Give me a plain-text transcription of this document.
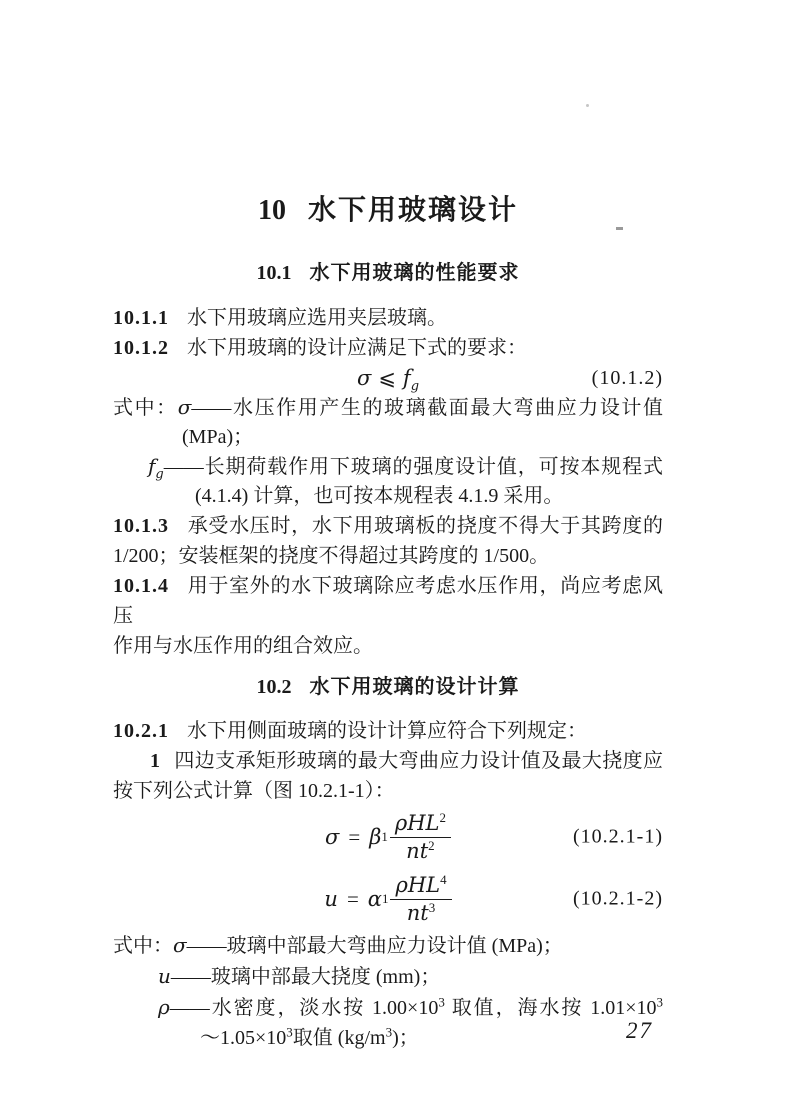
10 水下用玻璃设计
10.1 水下用玻璃的性能要求
10.1.1 水下用玻璃应选用夹层玻璃。
10.1.2 水下用玻璃的设计应满足下式的要求：
σ ⩽ $f_g$	(10.1.2)
式中：σ——水压作用产生的玻璃截面最大弯曲应力设计值
(MPa)；
$f_g——$长期荷载作用下玻璃的强度设计值，可按本规程式
(4.1.4) 计算，也可按本规程表 4.1.9 采用。
10.1.3 承受水压时，水下用玻璃板的挠度不得大于其跨度的
1/200；安装框架的挠度不得超过其跨度的 1/500。
10.1.4 用于室外的水下玻璃除应考虑水压作用，尚应考虑风压
作用与水压作用的组合效应。
10.2 水下用玻璃的设计计算
10.2.1 水下用侧面玻璃的设计计算应符合下列规定：
1 四边支承矩形玻璃的最大弯曲应力设计值及最大挠度应
按下列公式计算（图 10.2.1-1）：
σ = β $1 \frac{\rho HL^2}{nt^2}$	(10.2.1-1)
u = α $1 \frac{\rho HL^4}{nt^3}$	(10.2.1-2)
式中：σ——玻璃中部最大弯曲应力设计值 (MPa)；
u——玻璃中部最大挠度 (mm)；
ρ——水密度，淡水按 $1.00\times 10^3$ 取值，海水按 $1.01\times 10^3$
$\sim 1.05\times 10^3$取值 $(kg/m^3)$；	27
